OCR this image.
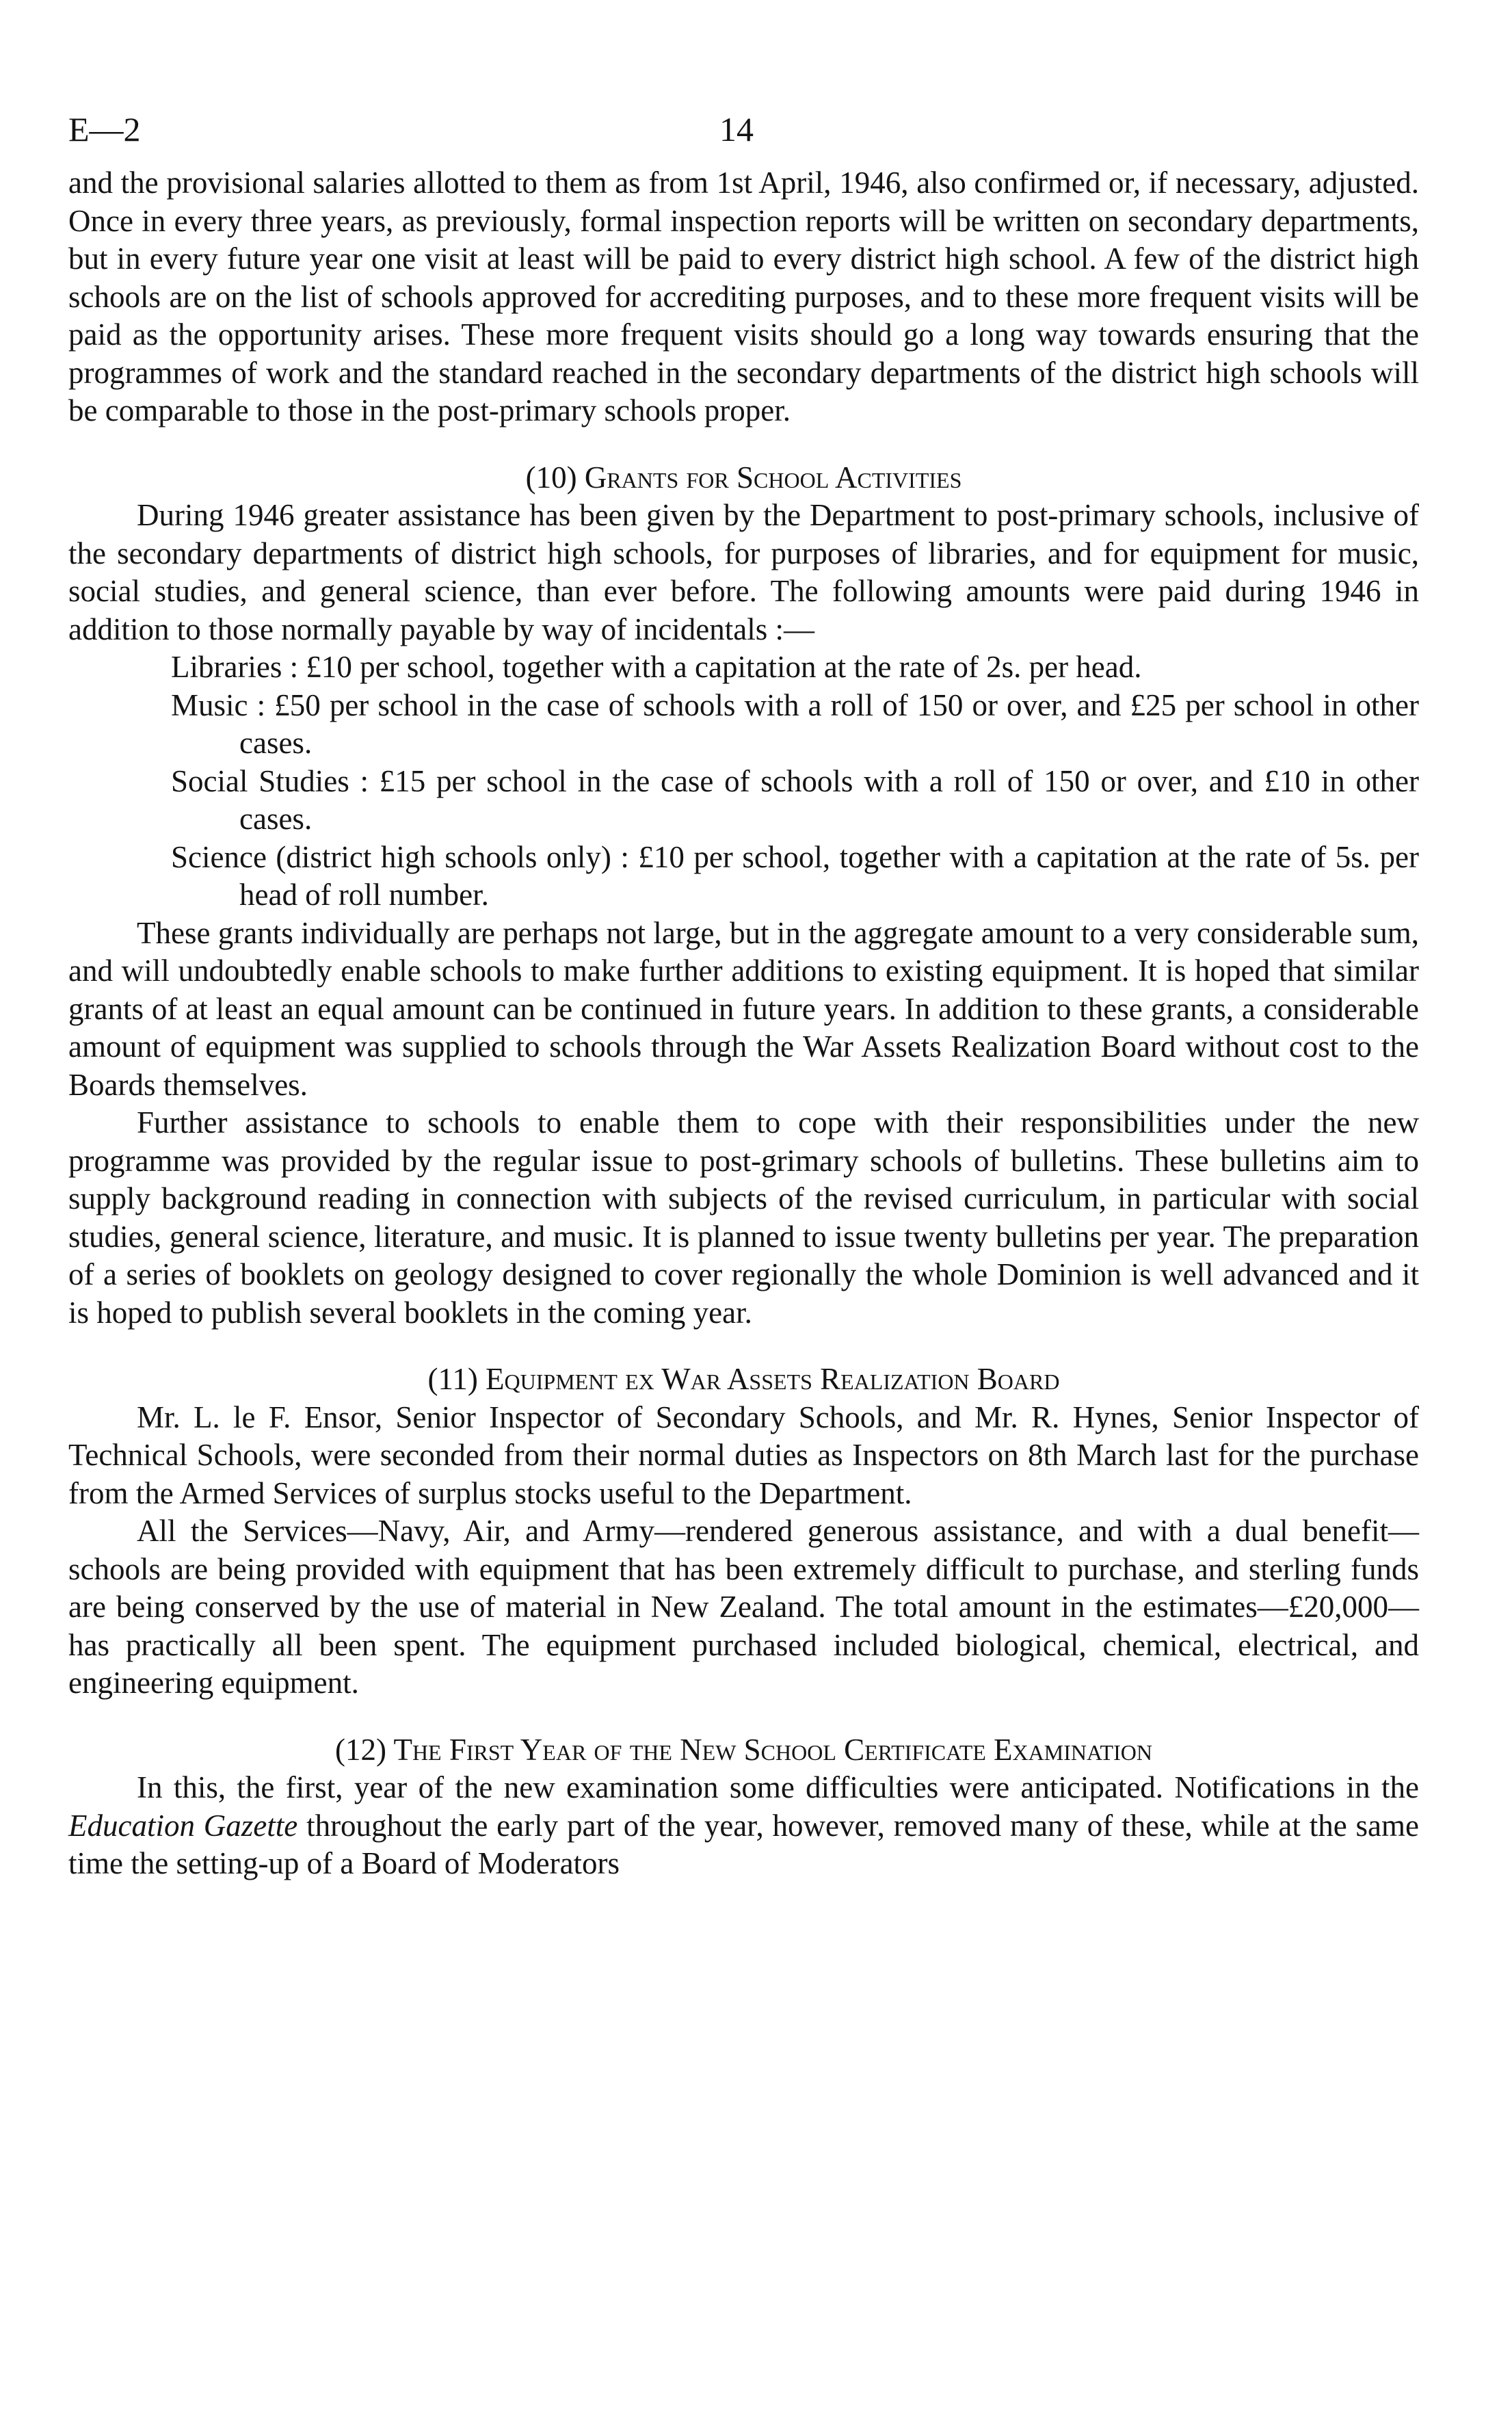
E—2	14

and the provisional salaries allotted to them as from 1st April, 1946, also confirmed or, if necessary, adjusted. Once in every three years, as previously, formal inspection reports will be written on secondary departments, but in every future year one visit at least will be paid to every district high school. A few of the district high schools are on the list of schools approved for accrediting purposes, and to these more frequent visits will be paid as the opportunity arises. These more frequent visits should go a long way towards ensuring that the programmes of work and the standard reached in the secondary departments of the district high schools will be comparable to those in the post-primary schools proper.

(10) Grants for School Activities

During 1946 greater assistance has been given by the Department to post-primary schools, inclusive of the secondary departments of district high schools, for purposes of libraries, and for equipment for music, social studies, and general science, than ever before. The following amounts were paid during 1946 in addition to those normally payable by way of incidentals :—

Libraries : £10 per school, together with a capitation at the rate of 2s. per head.
Music : £50 per school in the case of schools with a roll of 150 or over, and £25 per school in other cases.
Social Studies : £15 per school in the case of schools with a roll of 150 or over, and £10 in other cases.
Science (district high schools only) : £10 per school, together with a capitation at the rate of 5s. per head of roll number.

These grants individually are perhaps not large, but in the aggregate amount to a very considerable sum, and will undoubtedly enable schools to make further additions to existing equipment. It is hoped that similar grants of at least an equal amount can be continued in future years. In addition to these grants, a considerable amount of equipment was supplied to schools through the War Assets Realization Board without cost to the Boards themselves.

Further assistance to schools to enable them to cope with their responsibilities under the new programme was provided by the regular issue to post-grimary schools of bulletins. These bulletins aim to supply background reading in connection with subjects of the revised curriculum, in particular with social studies, general science, literature, and music. It is planned to issue twenty bulletins per year. The preparation of a series of booklets on geology designed to cover regionally the whole Dominion is well advanced and it is hoped to publish several booklets in the coming year.

(11) Equipment ex War Assets Realization Board

Mr. L. le F. Ensor, Senior Inspector of Secondary Schools, and Mr. R. Hynes, Senior Inspector of Technical Schools, were seconded from their normal duties as Inspectors on 8th March last for the purchase from the Armed Services of surplus stocks useful to the Department.

All the Services—Navy, Air, and Army—rendered generous assistance, and with a dual benefit—schools are being provided with equipment that has been extremely difficult to purchase, and sterling funds are being conserved by the use of material in New Zealand. The total amount in the estimates—£20,000—has practically all been spent. The equipment purchased included biological, chemical, electrical, and engineering equipment.

(12) The First Year of the New School Certificate Examination

In this, the first, year of the new examination some difficulties were anticipated. Notifications in the Education Gazette throughout the early part of the year, however, removed many of these, while at the same time the setting-up of a Board of Moderators
